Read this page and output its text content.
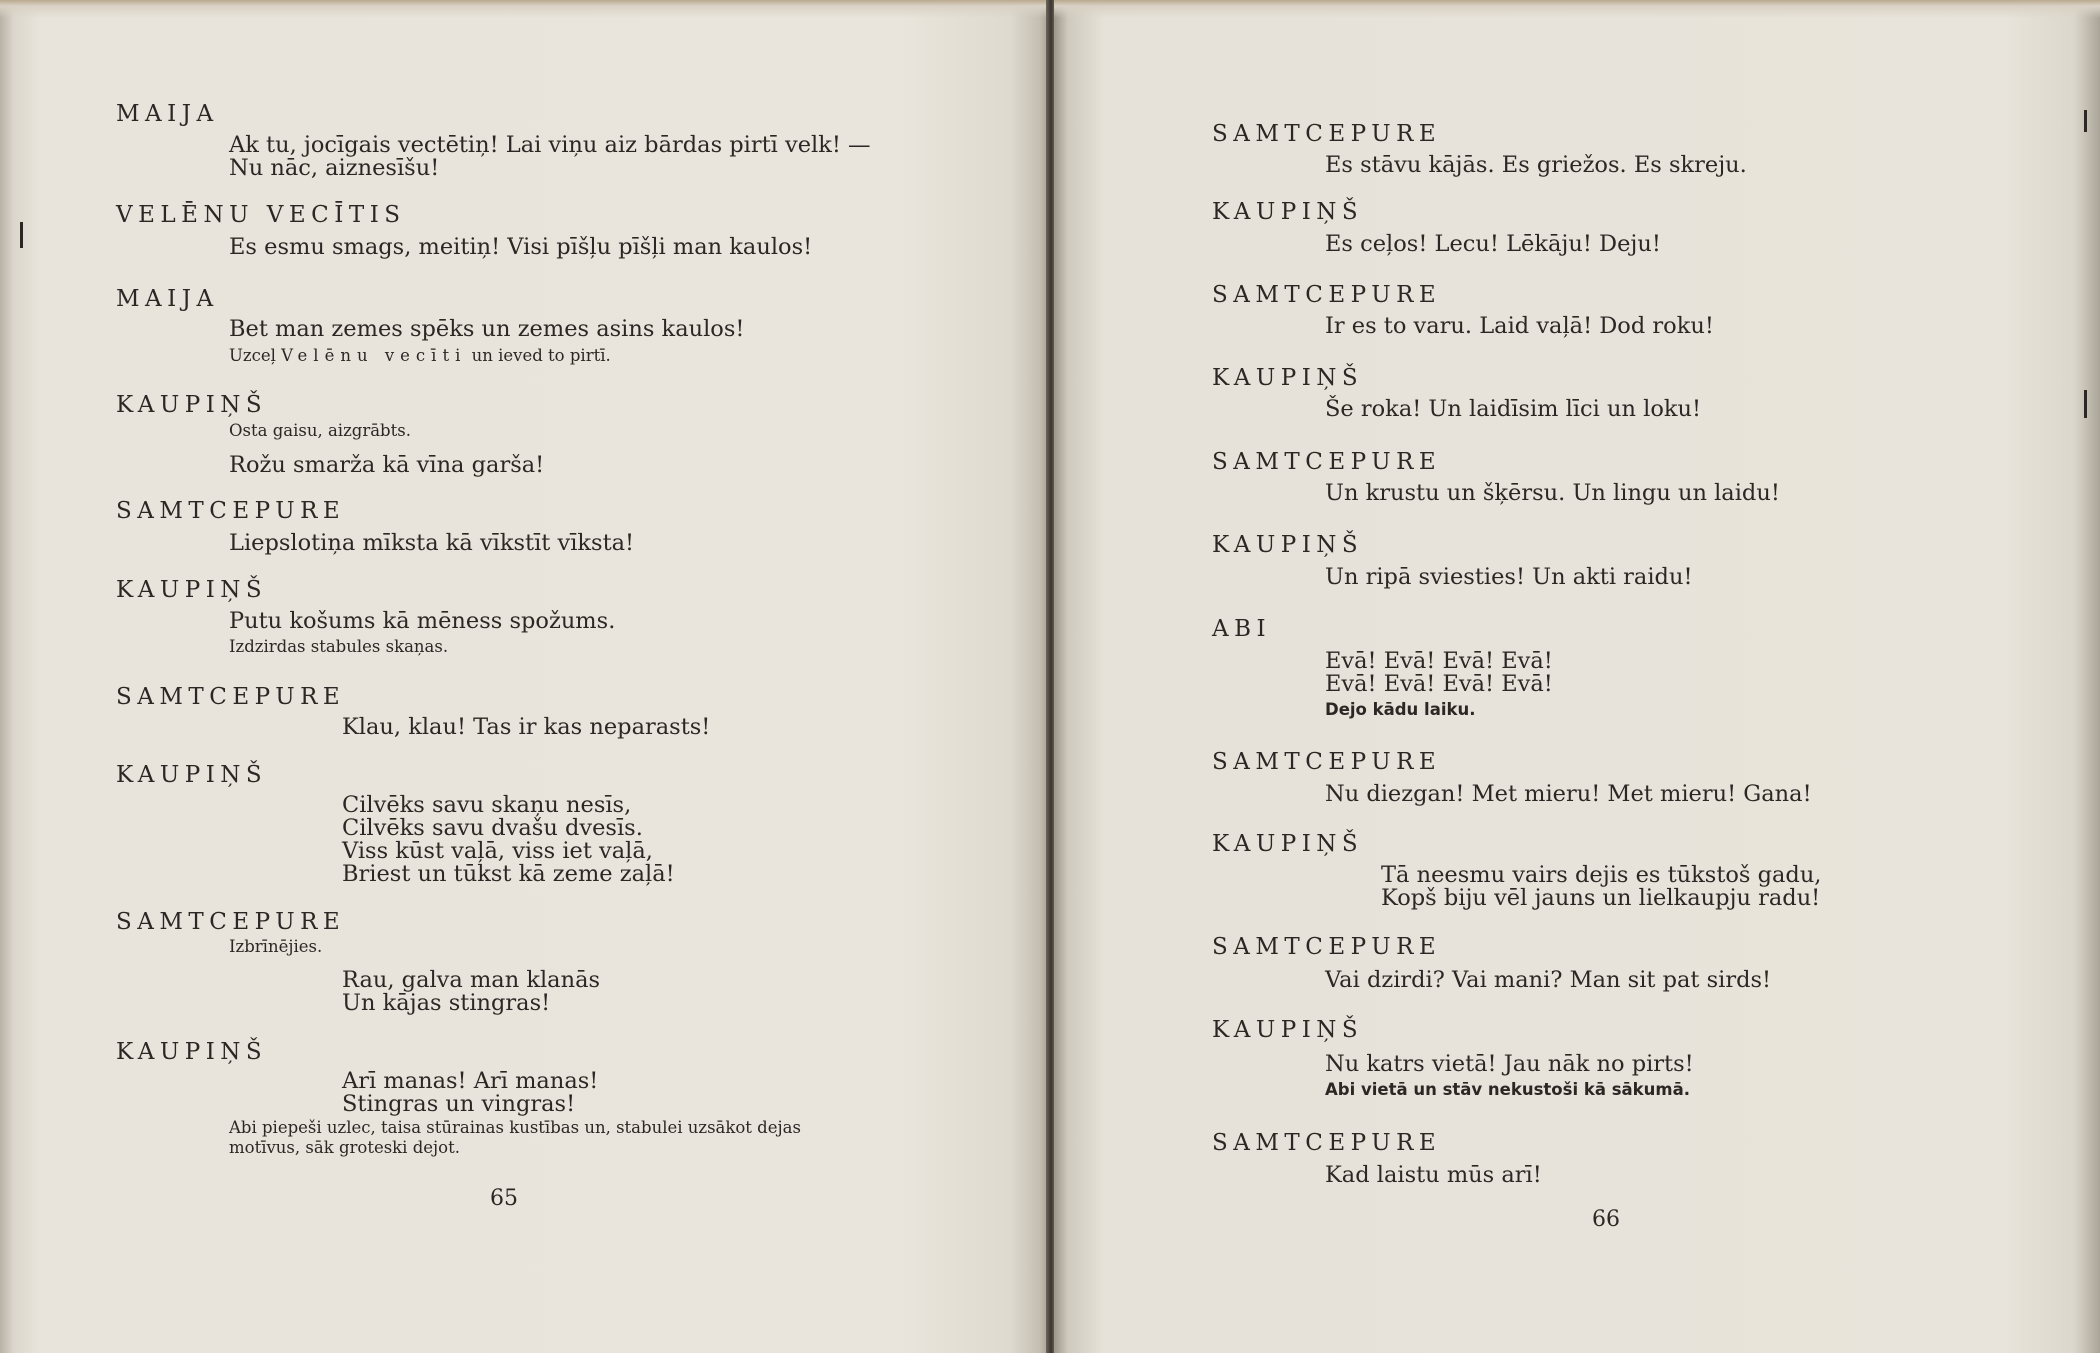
MAIJA
Ak tu, jocīgais vectētiņ! Lai viņu aiz bārdas pirtī velk! —
Nu nāc, aiznesīšu!
VELĒNU VECĪTIS
Es esmu smags, meitiņ! Visi pīšļu pīšļi man kaulos!
MAIJA
Bet man zemes spēks un zemes asins kaulos!
Uzceļ Velēnu vecīti un ieved to pirtī.
KAUPIŅŠ
Osta gaisu, aizgrābts.
Rožu smarža kā vīna garša!
SAMTCEPURE
Liepslotiņa mīksta kā vīkstīt vīksta!
KAUPIŅŠ
Putu košums kā mēness spožums.
Izdzirdas stabules skaņas.
SAMTCEPURE
Klau, klau! Tas ir kas neparasts!
KAUPIŅŠ
Cilvēks savu skaņu nesīs,
Cilvēks savu dvašu dvesīs.
Viss kūst vaļā, viss iet vaļā,
Briest un tūkst kā zeme zaļā!
SAMTCEPURE
Izbrīnējies.
Rau, galva man klanās
Un kājas stingras!
KAUPIŅŠ
Arī manas! Arī manas!
Stingras un vingras!
Abi piepeši uzlec, taisa stūrainas kustības un, stabulei uzsākot dejas
motīvus, sāk groteski dejot.
65
SAMTCEPURE
Es stāvu kājās. Es griežos. Es skreju.
KAUPIŅŠ
Es ceļos! Lecu! Lēkāju! Deju!
SAMTCEPURE
Ir es to varu. Laid vaļā! Dod roku!
KAUPIŅŠ
Še roka! Un laidīsim līci un loku!
SAMTCEPURE
Un krustu un šķērsu. Un lingu un laidu!
KAUPIŅŠ
Un ripā sviesties! Un akti raidu!
ABI
Evā! Evā! Evā! Evā!
Evā! Evā! Evā! Evā!
Dejo kādu laiku.
SAMTCEPURE
Nu diezgan! Met mieru! Met mieru! Gana!
KAUPIŅŠ
Tā neesmu vairs dejis es tūkstoš gadu,
Kopš biju vēl jauns un lielkaupju radu!
SAMTCEPURE
Vai dzirdi? Vai mani? Man sit pat sirds!
KAUPIŅŠ
Nu katrs vietā! Jau nāk no pirts!
Abi vietā un stāv nekustoši kā sākumā.
SAMTCEPURE
Kad laistu mūs arī!
66
